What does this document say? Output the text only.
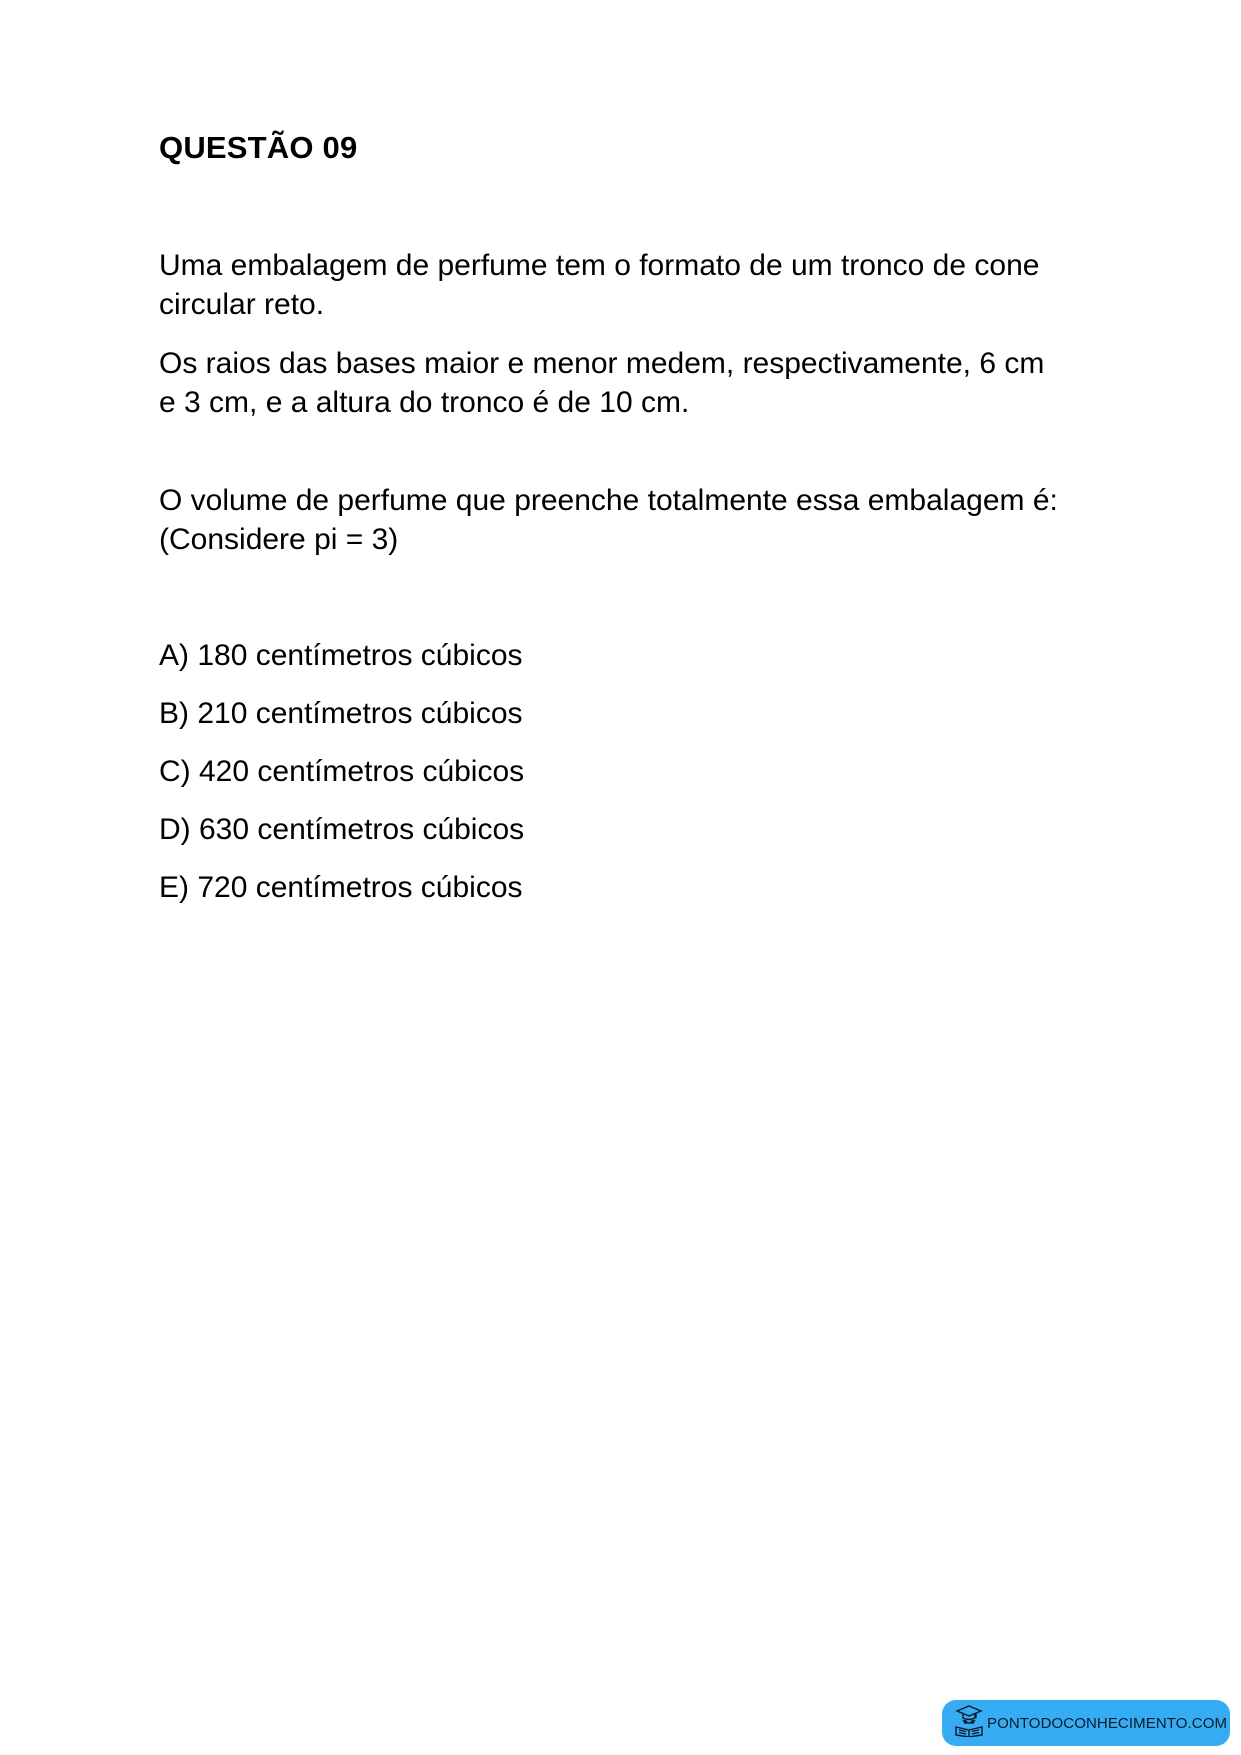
QUESTÃO 09

Uma embalagem de perfume tem o formato de um tronco de cone circular reto.

Os raios das bases maior e menor medem, respectivamente, 6 cm e 3 cm, e a altura do tronco é de 10 cm.

O volume de perfume que preenche totalmente essa embalagem é: (Considere pi = 3)

A) 180 centímetros cúbicos
B) 210 centímetros cúbicos
C) 420 centímetros cúbicos
D) 630 centímetros cúbicos
E) 720 centímetros cúbicos
PONTODOCONHECIMENTO.COM
